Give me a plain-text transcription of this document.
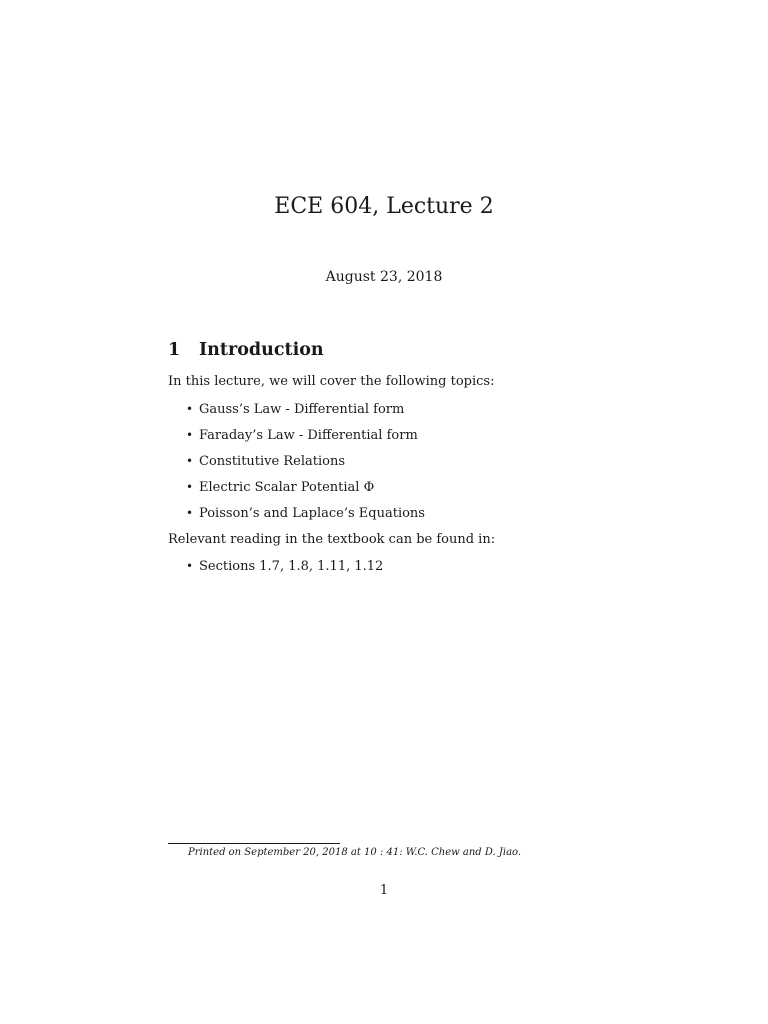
ECE 604, Lecture 2
August 23, 2018
1 Introduction
In this lecture, we will cover the following topics:
• Gauss’s Law - Differential form
• Faraday’s Law - Differential form
• Constitutive Relations
• Electric Scalar Potential Φ
• Poisson’s and Laplace’s Equations
Relevant reading in the textbook can be found in:
• Sections 1.7, 1.8, 1.11, 1.12
Printed on September 20, 2018 at 10 : 41: W.C. Chew and D. Jiao.
1
